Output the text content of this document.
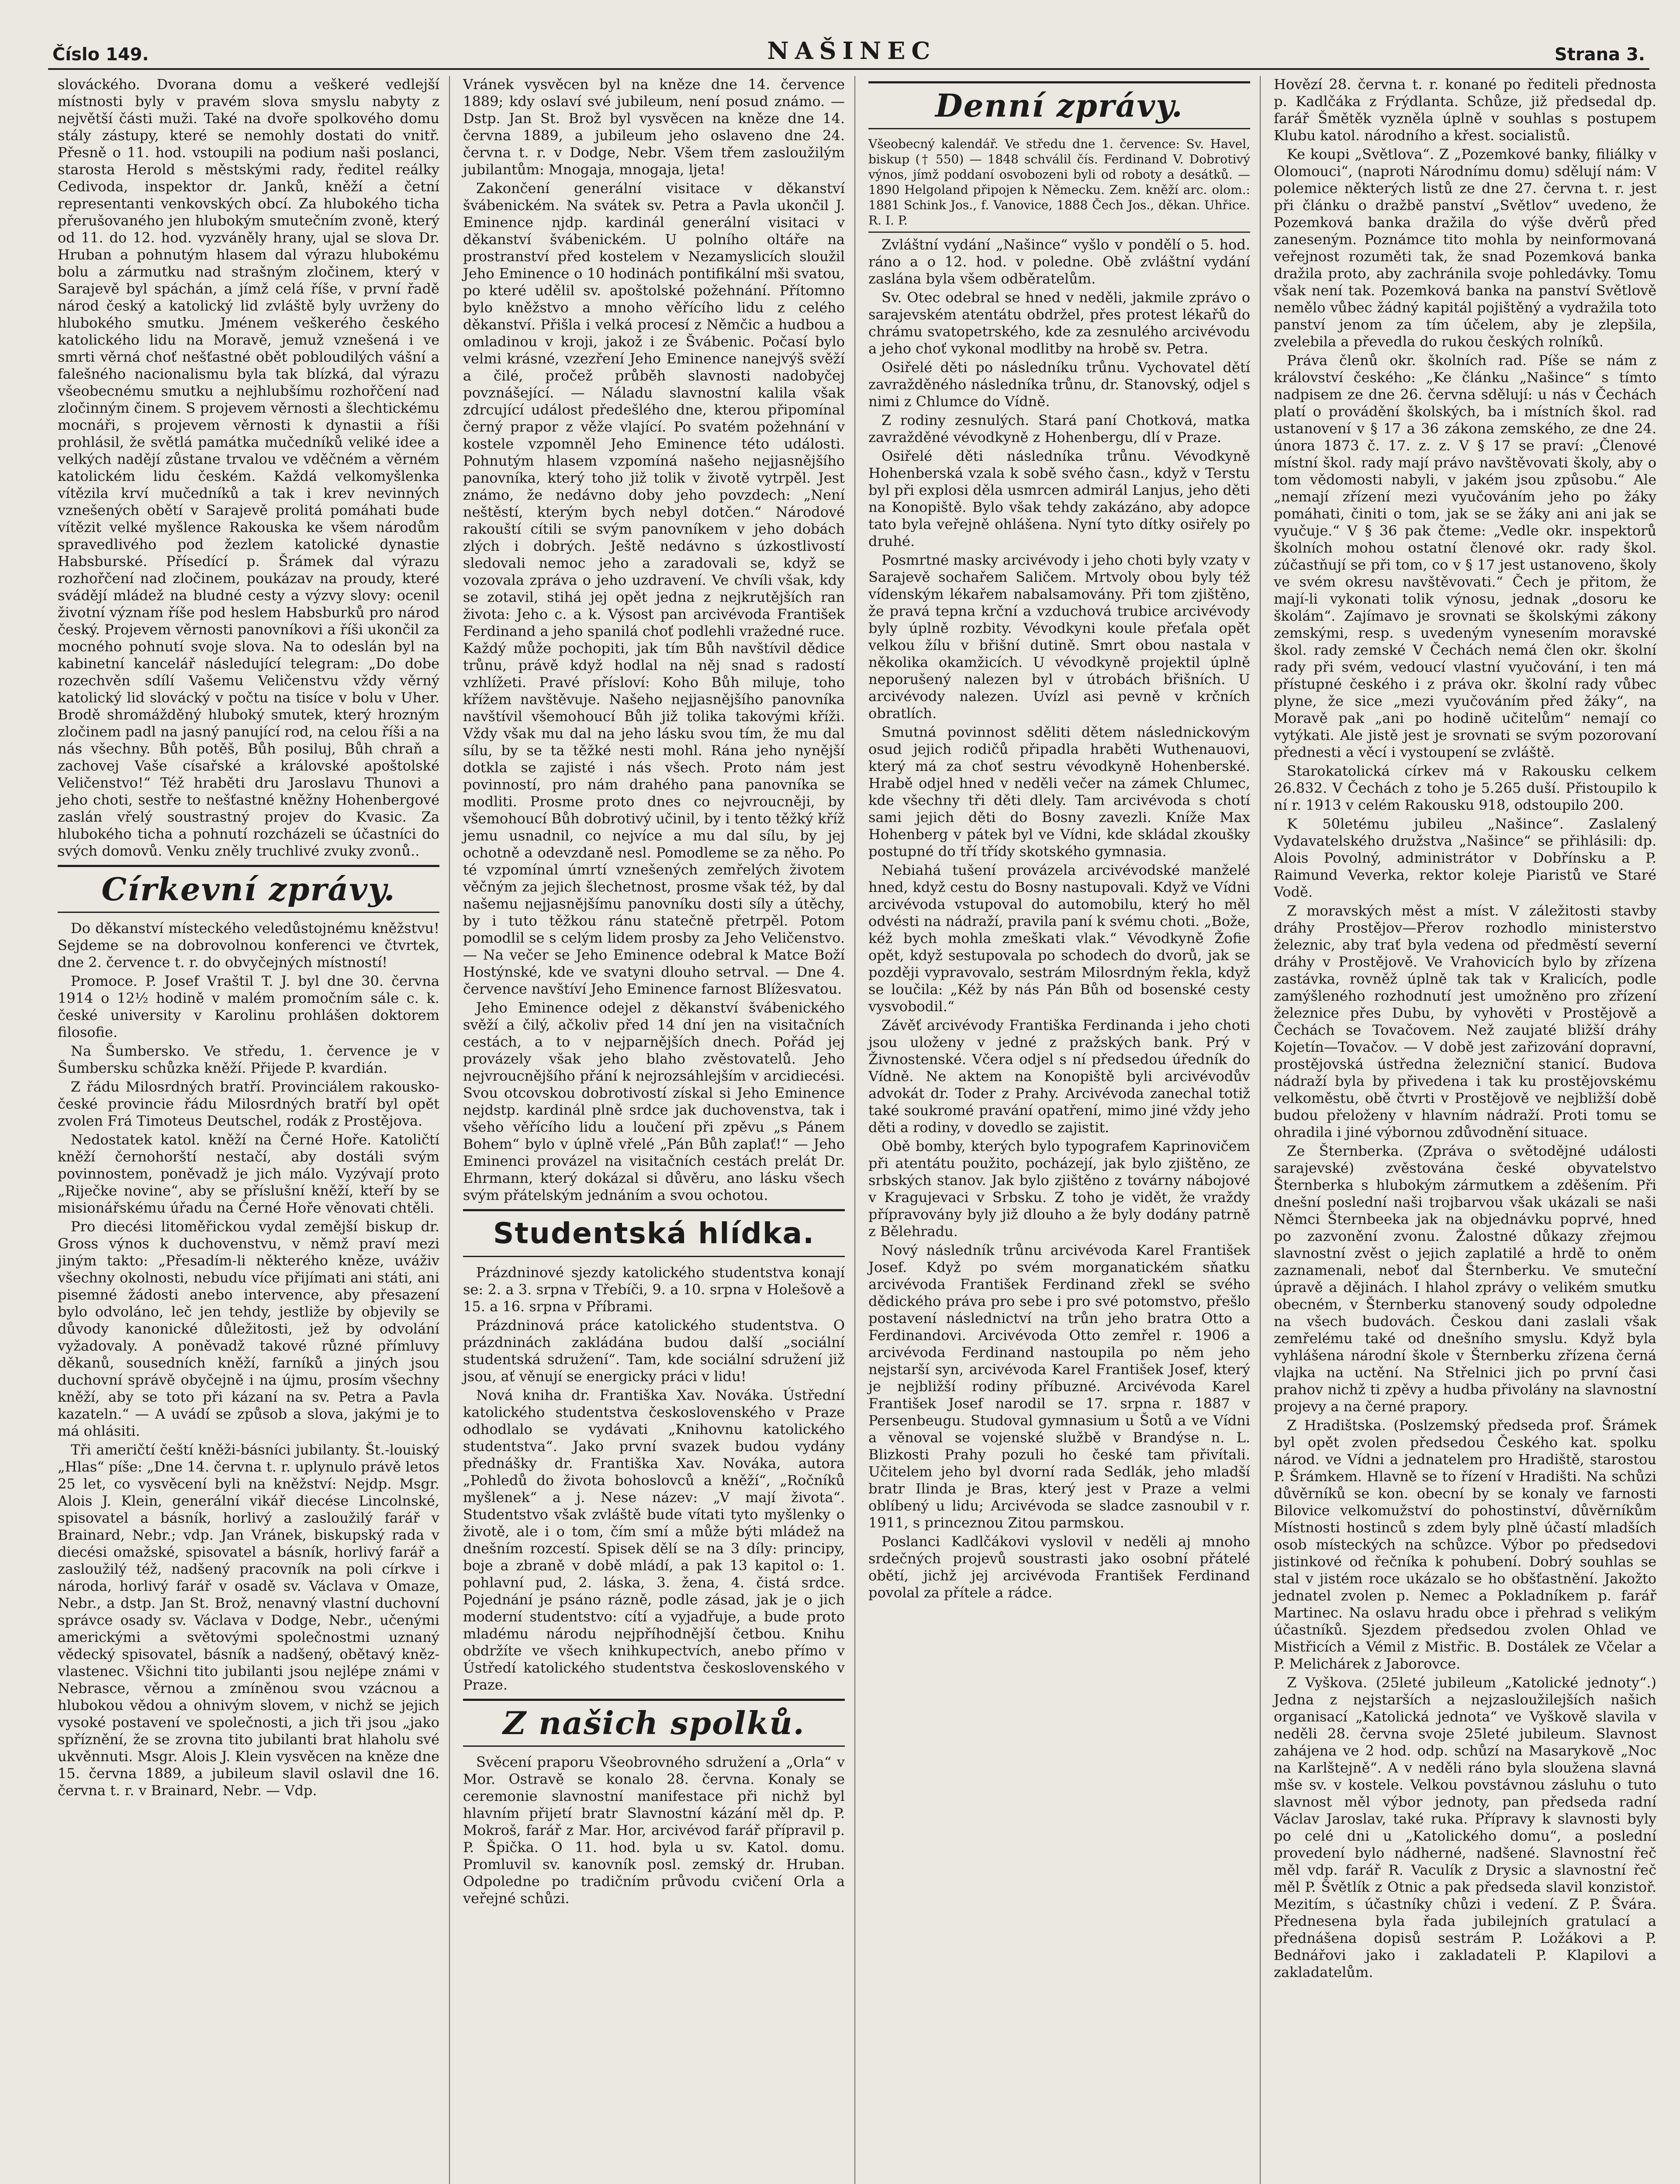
Číslo 149.	NAŠINEC	Strana 3.

slováckého. Dvorana domu a veškeré vedlejší místnosti byly v pravém slova smyslu nabyty z největší části muži. Také na dvoře spolkového domu stály zástupy, které se nemohly dostati do vnitř. Přesně o 11. hod. vstoupili na podium naši poslanci, starosta Herold s městskými rady, ředitel reálky Cedivoda, inspektor dr. Janků, kněží a četní representanti venkovských obcí. Za hlubokého ticha přerušovaného jen hlubokým smutečním zvoně, který od 11. do 12. hod. vyzváněly hrany, ujal se slova Dr. Hruban a pohnutým hlasem dal výrazu hlubokému bolu a zármutku nad strašným zločinem, který v Sarajevě byl spáchán, a jímž celá říše, v první řadě národ český a katolický lid zvláště byly uvrženy do hlubokého smutku. Jménem veškerého českého katolického lidu na Moravě, jemuž vznešená i ve smrti věrná choť nešťastné obět pobloudilých vášní a falešného nacionalismu byla tak blízká, dal výrazu všeobecnému smutku a nejhlubšímu rozhořčení nad zločinným činem. S projevem věrnosti a šlechtickému mocnáři, s projevem věrnosti k dynastii a říši prohlásil, že světlá památka mučedníků veliké idee a velkých nadějí zůstane trvalou ve vděčném a věrném katolickém lidu českém. Každá velkomyšlenka vítězila krví mučedníků a tak i krev nevinných vznešených obětí v Sarajevě prolitá pomáhati bude vítězit velké myšlence Rakouska ke všem národům spravedlivého pod žezlem katolické dynastie Habsburské. Přísedící p. Šrámek dal výrazu rozhořčení nad zločinem, poukázav na proudy, které svádějí mládež na bludné cesty a výzvy slovy: ocenil životní význam říše pod heslem Habsburků pro národ český. Projevem věrnosti panovníkovi a říši ukončil za mocného pohnutí svoje slova. Na to odeslán byl na kabinetní kancelář následující telegram: „Do dobe rozechvěn sdílí Vašemu Veličenstvu vždy věrný katolický lid slovácký v počtu na tisíce v bolu v Uher. Brodě shromážděný hluboký smutek, který hrozným zločinem padl na jasný panující rod, na celou říši a na nás všechny. Bůh potěš, Bůh posiluj, Bůh chraň a zachovej Vaše císařské a královské apoštolské Veličenstvo!“ Též hraběti dru Jaroslavu Thunovi a jeho choti, sestře to nešťastné kněžny Hohenbergové zaslán vřelý soustrastný projev do Kvasic. Za hlubokého ticha a pohnutí rozcházeli se účastníci do svých domovů. Venku zněly truchlivé zvuky zvonů..

Církevní zprávy.

Do děkanství místeckého veledůstojnému kněžstvu! Sejdeme se na dobrovolnou konferenci ve čtvrtek, dne 2. července t. r. do obvyčejných místností!

Promoce. P. Josef Vraštil T. J. byl dne 30. června 1914 o 12½ hodině v malém promočním sále c. k. české university v Karolinu prohlášen doktorem filosofie.

Na Šumbersko. Ve středu, 1. července je v Šumbersku schůzka kněží. Přijede P. kvardián.

Z řádu Milosrdných bratří. Provinciálem rakousko-české provincie řádu Milosrdných bratří byl opět zvolen Frá Timoteus Deutschel, rodák z Prostějova.

Nedostatek katol. kněží na Černé Hoře. Katoličtí kněží černohorští nestačí, aby dostáli svým povinnostem, poněvadž je jich málo. Vyzývají proto „Riječke novine“, aby se příslušní kněží, kteří by se misionářskému úřadu na Černé Hoře věnovati chtěli.

Pro diecési litoměřickou vydal zemější biskup dr. Gross výnos k duchovenstvu, v němž praví mezi jiným takto: „Přesadím-li některého kněze, uváživ všechny okolnosti, nebudu více přijímati ani státi, ani pisemné žádosti anebo intervence, aby přesazení bylo odvoláno, leč jen tehdy, jestliže by objevily se důvody kanonické důležitosti, jež by odvolání vyžadovaly. A poněvadž takové různé přímluvy děkanů, sousedních kněží, farníků a jiných jsou duchovní správě obyčejně i na újmu, prosím všechny kněží, aby se toto při kázaní na sv. Petra a Pavla kazateln.“ — A uvádí se způsob a slova, jakými je to má ohlásiti.

Tři američtí čeští kněži-básníci jubilanty. Št.-louiský „Hlas“ píše: „Dne 14. června t. r. uplynulo právě letos 25 let, co vysvěcení byli na kněžství: Nejdp. Msgr. Alois J. Klein, generální vikář diecése Lincolnské, spisovatel a básník, horlivý a zasloužilý farář v Brainard, Nebr.; vdp. Jan Vránek, biskupský rada v diecési omažské, spisovatel a básník, horlivý farář a zasloužilý též, nadšený pracovník na poli církve i národa, horlivý farář v osadě sv. Václava v Omaze, Nebr., a dstp. Jan St. Brož, nenavný vlastní duchovní správce osady sv. Václava v Dodge, Nebr., učenými americkými a světovými společnostmi uznaný vědecký spisovatel, básník a nadšený, obětavý kněz-vlastenec. Všichni tito jubilanti jsou nejlépe známi v Nebrasce, věrnou a zmíněnou svou vzácnou a hlubokou vědou a ohnivým slovem, v nichž se jejich vysoké postavení ve společnosti, a jich tři jsou „jako spříznění, že se zrovna tito jubilanti brat hlaholu své ukvěnnuti. Msgr. Alois J. Klein vysvěcen na kněze dne 15. června 1889, a jubileum slavil oslavil dne 16. června t. r. v Brainard, Nebr. — Vdp.

Vránek vysvěcen byl na kněze dne 14. července 1889; kdy oslaví své jubileum, není posud známo. — Dstp. Jan St. Brož byl vysvěcen na kněze dne 14. června 1889, a jubileum jeho oslaveno dne 24. června t. r. v Dodge, Nebr. Všem třem zasloužilým jubilantům: Mnogaja, mnogaja, ljeta!

Zakončení generální visitace v děkanství švábenickém. Na svátek sv. Petra a Pavla ukončil J. Eminence njdp. kardinál generální visitaci v děkanství švábenickém. U polního oltáře na prostranství před kostelem v Nezamyslicích sloužil Jeho Eminence o 10 hodinách pontifikální mši svatou, po které udělil sv. apoštolské požehnání. Přítomno bylo kněžstvo a mnoho věřícího lidu z celého děkanství. Přišla i velká procesí z Němčic a hudbou a omladinou v kroji, jakož i ze Švábenic. Počasí bylo velmi krásné, vzezření Jeho Eminence nanejvýš svěží a čilé, pročež průběh slavnosti nadobyčej povznášející. — Náladu slavnostní kalila však zdrcující událost předešlého dne, kterou připomínal černý prapor z věže vlající. Po svatém požehnání v kostele vzpomněl Jeho Eminence této události. Pohnutým hlasem vzpomíná našeho nejjasnějšího panovníka, který toho již tolik v životě vytrpěl. Jest známo, že nedávno doby jeho povzdech: „Není neštěstí, kterým bych nebyl dotčen.“ Národové rakouští cítili se svým panovníkem v jeho dobách zlých i dobrých. Ještě nedávno s úzkostlivostí sledovali nemoc jeho a zaradovali se, když se vozovala zpráva o jeho uzdravení. Ve chvíli však, kdy se zotavil, stihá jej opět jedna z nejkrutějších ran života: Jeho c. a k. Výsost pan arcivévoda František Ferdinand a jeho spanilá choť podlehli vražedné ruce. Každý může pochopiti, jak tím Bůh navštívil dědice trůnu, právě když hodlal na něj snad s radostí vzhlížeti. Pravé přísloví: Koho Bůh miluje, toho křížem navštěvuje. Našeho nejjasnějšího panovníka navštívil všemohoucí Bůh již tolika takovými kříži. Vždy však mu dal na jeho lásku svou tím, že mu dal sílu, by se ta těžké nesti mohl. Rána jeho nynější dotkla se zajisté i nás všech. Proto nám jest povinností, pro nám drahého pana panovníka se modliti. Prosme proto dnes co nejvroucněji, by všemohoucí Bůh dobrotivý učinil, by i tento těžký kříž jemu usnadnil, co nejvíce a mu dal sílu, by jej ochotně a odevzdaně nesl. Pomodleme se za něho. Po té vzpomínal úmrtí vznešených zemřelých životem věčným za jejich šlechetnost, prosme však též, by dal našemu nejjasnějšímu panovníku dosti síly a útěchy, by i tuto těžkou ránu statečně přetrpěl. Potom pomodlil se s celým lidem prosby za Jeho Veličenstvo. — Na večer se Jeho Eminence odebral k Matce Boží Hostýnské, kde ve svatyni dlouho setrval. — Dne 4. července navštíví Jeho Eminence farnost Blížesvatou.

Jeho Eminence odejel z děkanství švábenického svěží a čilý, ačkoliv před 14 dní jen na visitačních cestách, a to v nejparnějších dnech. Pořád jej provázely však jeho blaho zvěstovatelů. Jeho nejvroucnějšího přání k nejrozsáhlejším v arcidiecési. Svou otcovskou dobrotivostí získal si Jeho Eminence nejdstp. kardinál plně srdce jak duchovenstva, tak i všeho věřícího lidu a loučení při zpěvu „s Pánem Bohem“ bylo v úplně vřelé „Pán Bůh zaplať!“ — Jeho Eminenci provázel na visitačních cestách prelát Dr. Ehrmann, který dokázal si důvěru, ano lásku všech svým přátelským jednáním a svou ochotou.

Studentská hlídka.

Prázdninové sjezdy katolického studentstva konají se: 2. a 3. srpna v Třebíči, 9. a 10. srpna v Holešově a 15. a 16. srpna v Příbrami.

Prázdninová práce katolického studentstva. O prázdninách zakládána budou další „sociální studentská sdružení“. Tam, kde sociální sdružení již jsou, ať věnují se energicky práci v lidu!

Nová kniha dr. Františka Xav. Nováka. Ústřední katolického studentstva československého v Praze odhodlalo se vydávati „Knihovnu katolického studentstva“. Jako první svazek budou vydány přednášky dr. Františka Xav. Nováka, autora „Pohledů do života bohoslovců a kněží“, „Ročníků myšlenek“ a j. Nese název: „V mají života“. Studentstvo však zvláště bude vítati tyto myšlenky o životě, ale i o tom, čím smí a může býti mládež na dnešním rozcestí. Spisek dělí se na 3 díly: principy, boje a zbraně v době mládí, a pak 13 kapitol o: 1. pohlavní pud, 2. láska, 3. žena, 4. čistá srdce. Pojednání je psáno rázně, podle zásad, jak je o jich moderní studentstvo: cítí a vyjadřuje, a bude proto mladému národu nejpříhodnější četbou. Knihu obdržíte ve všech knihkupectvích, anebo přímo v Ústředí katolického studentstva československého v Praze.

Z našich spolků.

Svěcení praporu Všeobrovného sdružení a „Orla“ v Mor. Ostravě se konalo 28. června. Konaly se ceremonie slavnostní manifestace při nichž byl hlavním přijetí bratr Slavnostní kázání měl dp. P. Mokroš, farář z Mar. Hor, arcivévod farář přípravil p. P. Špička. O 11. hod. byla u sv. Katol. domu. Promluvil sv. kanovník posl. zemský dr. Hruban. Odpoledne po tradičním průvodu cvičení Orla a veřejné schůzi.

Denní zprávy.

Všeobecný kalendář. Ve středu dne 1. července: Sv. Havel, biskup († 550) — 1848 schválil čís. Ferdinand V. Dobrotivý výnos, jímž poddaní osvobozeni byli od roboty a desátků. — 1890 Helgoland připojen k Německu. Zem. kněží arc. olom.: 1881 Schink Jos., f. Vanovice, 1888 Čech Jos., děkan. Uhřice. R. I. P.

Zvláštní vydání „Našince“ vyšlo v pondělí o 5. hod. ráno a o 12. hod. v poledne. Obě zvláštní vydání zaslána byla všem odběratelům.

Sv. Otec odebral se hned v neděli, jakmile zprávo o sarajevském atentátu obdržel, přes protest lékařů do chrámu svatopetrského, kde za zesnulého arcivévodu a jeho choť vykonal modlitby na hrobě sv. Petra.

Osiřelé děti po následníku trůnu. Vychovatel dětí zavražděného následníka trůnu, dr. Stanovský, odjel s nimi z Chlumce do Vídně.

Z rodiny zesnulých. Stará paní Chotková, matka zavražděné vévodkyně z Hohenbergu, dlí v Praze.

Osiřelé děti následníka trůnu. Vévodkyně Hohenberská vzala k sobě svého časn., když v Terstu byl při explosi děla usmrcen admirál Lanjus, jeho děti na Konopiště. Bylo však tehdy zakázáno, aby adopce tato byla veřejně ohlášena. Nyní tyto dítky osiřely po druhé.

Posmrtné masky arcivévody i jeho choti byly vzaty v Sarajevě sochařem Saličem. Mrtvoly obou byly též vídenským lékařem nabalsamovány. Při tom zjištěno, že pravá tepna krční a vzduchová trubice arcivévody byly úplně rozbity. Vévodkyni koule přeťala opět velkou žílu v břišní dutině. Smrt obou nastala v několika okamžicích. U vévodkyně projektil úplně neporušený nalezen byl v útrobách břišních. U arcivévody nalezen. Uvízl asi pevně v krčních obratlích.

Smutná povinnost sděliti dětem následnickovým osud jejich rodičů připadla hraběti Wuthenauovi, který má za choť sestru vévodkyně Hohenberské. Hrabě odjel hned v neděli večer na zámek Chlumec, kde všechny tři děti dlely. Tam arcivévoda s chotí sami jejich děti do Bosny zavezli. Kníže Max Hohenberg v pátek byl ve Vídni, kde skládal zkoušky postupné do tří třídy skotského gymnasia.

Nebiahá tušení provázela arcivévodské manželé hned, když cestu do Bosny nastupovali. Když ve Vídni arcivévoda vstupoval do automobilu, který ho měl odvésti na nádraží, pravila paní k svému choti. „Bože, kéž bych mohla zmeškati vlak.“ Vévodkyně Žofie opět, když sestupovala po schodech do dvorů, jak se později vypravovalo, sestrám Milosrdným řekla, když se loučila: „Kéž by nás Pán Bůh od bosenské cesty vysvobodil.“

Závěť arcivévody Františka Ferdinanda i jeho choti jsou uloženy v jedné z pražských bank. Prý v Živnostenské. Včera odjel s ní předsedou úředník do Vídně. Ne aktem na Konopiště byli arcivévodův advokát dr. Toder z Prahy. Arcivévoda zanechal totiž také soukromé pravání opatření, mimo jiné vždy jeho děti a rodiny, v dovedlo se zajistit.

Obě bomby, kterých bylo typografem Kaprinovičem při atentátu použito, pocházejí, jak bylo zjištěno, ze srbských stanov. Jak bylo zjištěno z továrny nábojové v Kragujevaci v Srbsku. Z toho je vidět, že vraždy přípravovány byly již dlouho a že byly dodány patrně z Bělehradu.

Nový následník trůnu arcivévoda Karel František Josef. Když po svém morganatickém sňatku arcivévoda František Ferdinand zřekl se svého dědického práva pro sebe i pro své potomstvo, přešlo postavení následnictví na trůn jeho bratra Otto a Ferdinandovi. Arcivévoda Otto zemřel r. 1906 a arcivévoda Ferdinand nastoupila po něm jeho nejstarší syn, arcivévoda Karel František Josef, který je nejbližší rodiny příbuzné. Arcivévoda Karel František Josef narodil se 17. srpna r. 1887 v Persenbeugu. Studoval gymnasium u Šotů a ve Vídni a věnoval se vojenské službě v Brandýse n. L. Blizkosti Prahy pozuli ho české tam přivítali. Učitelem jeho byl dvorní rada Sedlák, jeho mladší bratr Ilinda je Bras, který jest v Praze a velmi oblíbený u lidu; Arcivévoda se sladce zasnoubil v r. 1911, s princeznou Zitou parmskou.

Poslanci Kadlčákovi vyslovil v neděli aj mnoho srdečných projevů soustrasti jako osobní přátelé obětí, jichž jej arcivévoda František Ferdinand povolal za přítele a rádce.

Hovězí 28. června t. r. konané po řediteli přednosta p. Kadlčáka z Frýdlanta. Schůze, již předsedal dp. farář Šmětěk vyzněla úplně v souhlas s postupem Klubu katol. národního a křest. socialistů.

Ke koupi „Světlova“. Z „Pozemkové banky, filiálky v Olomouci“, (naproti Národnímu domu) sdělují nám: V polemice některých listů ze dne 27. června t. r. jest při článku o dražbě panství „Světlov“ uvedeno, že Pozemková banka dražila do výše dvěrů před zaneseným. Poznámce tito mohla by neinformovaná veřejnost rozuměti tak, že snad Pozemková banka dražila proto, aby zachránila svoje pohledávky. Tomu však není tak. Pozemková banka na panství Světlově nemělo vůbec žádný kapitál pojištěný a vydražila toto panství jenom za tím účelem, aby je zlepšila, zvelebila a převedla do rukou českých rolníků.

Práva členů okr. školních rad. Píše se nám z království českého: „Ke článku „Našince“ s tímto nadpisem ze dne 26. června sdělují: u nás v Čechách platí o provádění školských, ba i místních škol. rad ustanovení v § 17 a 36 zákona zemského, ze dne 24. února 1873 č. 17. z. z. V § 17 se praví: „Členové místní škol. rady mají právo navštěvovati školy, aby o tom vědomosti nabyli, v jakém jsou způsobu.“ Ale „nemají zřízení mezi vyučováním jeho po žáky pomáhati, činiti o tom, jak se se žáky ani ani jak se vyučuje.“ V § 36 pak čteme: „Vedle okr. inspektorů školních mohou ostatní členové okr. rady škol. zúčastňují se při tom, co v § 17 jest ustanoveno, školy ve svém okresu navštěvovati.“ Čech je přitom, že mají-li vykonati tolik výnosu, jednak „dosoru ke školám“. Zajímavo je srovnati se školskými zákony zemskými, resp. s uvedeným vynesením moravské škol. rady zemské V Čechách nemá člen okr. školní rady při svém, vedoucí vlastní vyučování, i ten má přístupné českého i z práva okr. školní rady vůbec plyne, že sice „mezi vyučováním před žáky“, na Moravě pak „ani po hodině učitelům“ nemají co vytýkati. Ale jistě jest je srovnati se svým pozorovaní přednesti a věcí i vystoupení se zvláště.

Starokatolická církev má v Rakousku celkem 26.832. V Čechách z toho je 5.265 duší. Přistoupilo k ní r. 1913 v celém Rakousku 918, odstoupilo 200.

K 50letému jubileu „Našince“. Zaslalený Vydavatelského družstva „Našince“ se přihlásili: dp. Alois Povolný, administrátor v Dobřínsku a P. Raimund Veverka, rektor koleje Piaristů ve Staré Vodě.

Z moravských měst a míst. V záležitosti stavby dráhy Prostějov—Přerov rozhodlo ministerstvo železnic, aby trať byla vedena od předměstí severní dráhy v Prostějově. Ve Vrahovicích bylo by zřízena zastávka, rovněž úplně tak tak v Kralicích, podle zamýšleného rozhodnutí jest umožněno pro zřízení železnice přes Dubu, by vyhověti v Prostějově a Čechách se Tovačovem. Než zaujaté bližší dráhy Kojetín—Tovačov. — V době jest zařizování dopravní, prostějovská ústředna železniční stanicí. Budova nádraží byla by přivedena i tak ku prostějovskému velkoměstu, obě čtvrti v Prostějově ve nejbližší době budou přeloženy v hlavním nádraží. Proti tomu se ohradila i jiné výbornou zdůvodnění situace.

Ze Šternberka. (Zpráva o světodějné události sarajevské) zvěstována české obyvatelstvo Šternberka s hlubokým zármutkem a zděšením. Při dnešní poslední naši trojbarvou však ukázali se naši Němci Šternbeeka jak na objednávku poprvé, hned po zazvonění zvonu. Žalostné důkazy zřejmou slavnostní zvěst o jejich zaplatilé a hrdě to oněm zaznamenali, neboť dal Šternberku. Ve smuteční úpravě a dějinách. I hlahol zprávy o velikém smutku obecném, v Šternberku stanovený soudy odpoledne na všech budovách. Českou dani zaslali však zemřelému také od dnešního smyslu. Když byla vyhlášena národní škole v Šternberku zřízena černá vlajka na uctění. Na Střelnici jich po první časi prahov nichž ti zpěvy a hudba přivolány na slavnostní projevy a na černé prapory.

Z Hradištska. (Poslzemský předseda prof. Šrámek byl opět zvolen předsedou Českého kat. spolku národ. ve Vídni a jednatelem pro Hradiště, starostou P. Šrámkem. Hlavně se to řízení v Hradišti. Na schůzi důvěrníků se kon. obecní by se konaly ve farnosti Bilovice velkomužství do pohostinství, důvěrníkům Místnosti hostinců s zdem byly plně účastí mladších osob místeckých na schůzce. Výbor po předsedovi jistinkové od řečníka k pohubení. Dobrý souhlas se stal v jistém roce ukázalo se ho obšťastnění. Jakožto jednatel zvolen p. Nemec a Pokladníkem p. farář Martinec. Na oslavu hradu obce i přehrad s velikým účastníků. Sjezdem předsedou zvolen Ohlad ve Mistřicích a Vémil z Mistřic. B. Dostálek ze Včelar a P. Melichárek z Jaborovce.

Z Vyškova. (25leté jubileum „Katolické jednoty“.) Jedna z nejstarších a nejzasloužilejších našich organisací „Katolická jednota“ ve Vyškově slavila v neděli 28. června svoje 25leté jubileum. Slavnost zahájena ve 2 hod. odp. schůzí na Masarykově „Noc na Karlštejně“. A v neděli ráno byla sloužena slavná mše sv. v kostele. Velkou povstávnou zásluhu o tuto slavnost měl výbor jednoty, pan předseda radní Václav Jaroslav, také ruka. Přípravy k slavnosti byly po celé dni u „Katolického domu“, a poslední provedení bylo nádherné, nadšené. Slavnostní řeč měl vdp. farář R. Vaculík z Drysic a slavnostní řeč měl P. Švětlík z Otnic a pak předseda slavil konzistoř. Mezitím, s účastníky chůzi i vedení. Z P. Švára. Přednesena byla řada jubilejních gratulací a přednášena dopisů sestrám P. Ložákovi a P. Bednářovi jako i zakladateli P. Klapilovi a zakladatelům.
